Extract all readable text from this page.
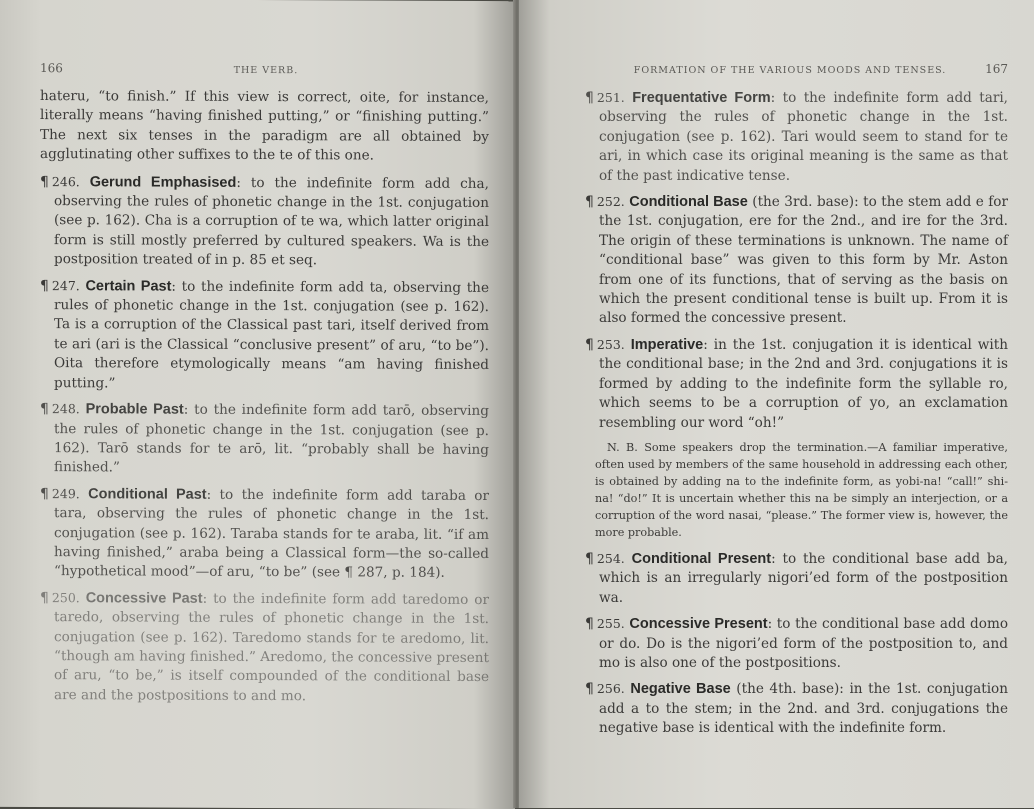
166	THE VERB.

hateru, “to finish.” If this view is correct, oite, for instance, literally means “having finished putting,” or “finishing putting.” The next six tenses in the paradigm are all obtained by agglutinating other suffixes to the te of this one.

¶ 246. Gerund Emphasised: to the indefinite form add cha, observing the rules of phonetic change in the 1st. conjugation (see p. 162). Cha is a corruption of te wa, which latter original form is still mostly preferred by cultured speakers. Wa is the postposition treated of in p. 85 et seq.

¶ 247. Certain Past: to the indefinite form add ta, observing the rules of phonetic change in the 1st. conjugation (see p. 162). Ta is a corruption of the Classical past tari, itself derived from te ari (ari is the Classical “conclusive present” of aru, “to be”). Oita therefore etymologically means “am having finished putting.”

¶ 248. Probable Past: to the indefinite form add tarō, observing the rules of phonetic change in the 1st. conjugation (see p. 162). Tarō stands for te arō, lit. “probably shall be having finished.”

¶ 249. Conditional Past: to the indefinite form add taraba or tara, observing the rules of phonetic change in the 1st. conjugation (see p. 162). Taraba stands for te araba, lit. “if am having finished,” araba being a Classical form—the so-called “hypothetical mood”—of aru, “to be” (see ¶ 287, p. 184).

¶ 250. Concessive Past: to the indefinite form add taredomo or taredo, observing the rules of phonetic change in the 1st. conjugation (see p. 162). Taredomo stands for te aredomo, lit. “though am having finished.” Aredomo, the concessive present of aru, “to be,” is itself compounded of the conditional base are and the postpositions to and mo.

FORMATION OF THE VARIOUS MOODS AND TENSES.	167

¶ 251. Frequentative Form: to the indefinite form add tari, observing the rules of phonetic change in the 1st. conjugation (see p. 162). Tari would seem to stand for te ari, in which case its original meaning is the same as that of the past indicative tense.

¶ 252. Conditional Base (the 3rd. base): to the stem add e for the 1st. conjugation, ere for the 2nd., and ire for the 3rd. The origin of these terminations is unknown. The name of “conditional base” was given to this form by Mr. Aston from one of its functions, that of serving as the basis on which the present conditional tense is built up. From it is also formed the concessive present.

¶ 253. Imperative: in the 1st. conjugation it is identical with the conditional base; in the 2nd and 3rd. conjugations it is formed by adding to the indefinite form the syllable ro, which seems to be a corruption of yo, an exclamation resembling our word “oh!”

N. B. Some speakers drop the termination.—A familiar imperative, often used by members of the same household in addressing each other, is obtained by adding na to the indefinite form, as yobi-na! “call!” shi-na! “do!” It is uncertain whether this na be simply an interjection, or a corruption of the word nasai, “please.” The former view is, however, the more probable.

¶ 254. Conditional Present: to the conditional base add ba, which is an irregularly nigori’ed form of the postposition wa.

¶ 255. Concessive Present: to the conditional base add domo or do. Do is the nigori’ed form of the postposition to, and mo is also one of the postpositions.

¶ 256. Negative Base (the 4th. base): in the 1st. conjugation add a to the stem; in the 2nd. and 3rd. conjugations the negative base is identical with the indefinite form.
